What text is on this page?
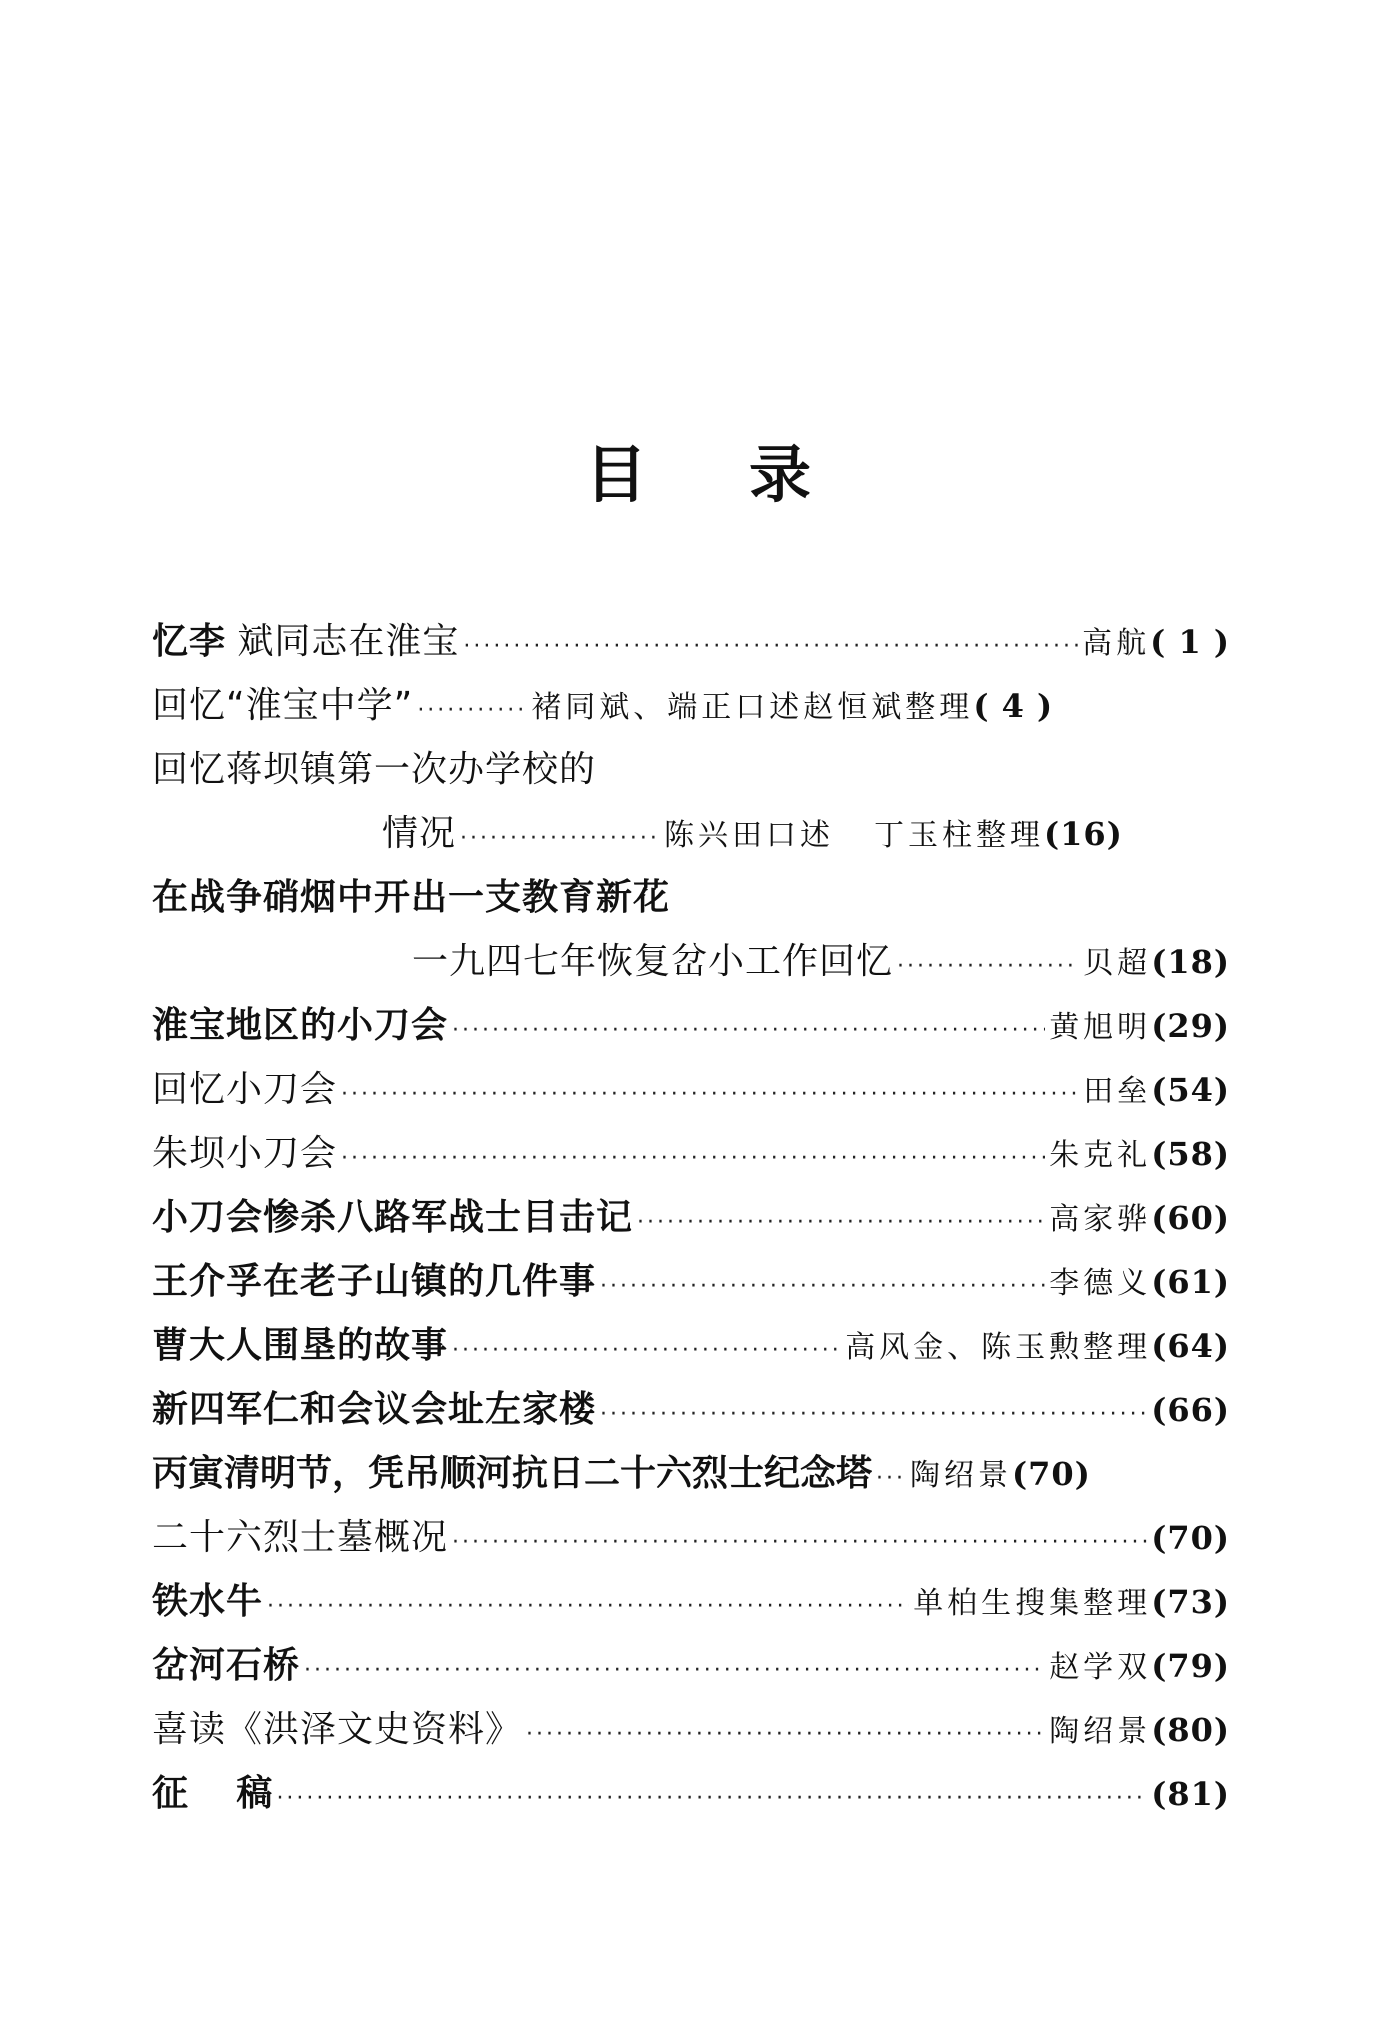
目 录
忆李 斌同志在淮宝 ·····	高航 ( 1 )
回忆“淮宝中学” ·····	褚同斌、端正口述赵恒斌整理 ( 4 )
回忆蒋坝镇第一次办学校的
情况 ·····	陈兴田口述 丁玉柱整理 (16)
在战争硝烟中开出一支教育新花
一九四七年恢复岔小工作回忆 ·····	贝超 (18)
淮宝地区的小刀会 ·····	黄旭明 (29)
回忆小刀会 ·····	田垒 (54)
朱坝小刀会 ·····	朱克礼 (58)
小刀会惨杀八路军战士目击记 ·····	高家骅 (60)
王介孚在老子山镇的几件事 ·····	李德义 (61)
曹大人围垦的故事 ·····	高风金、陈玉勲整理 (64)
新四军仁和会议会址左家楼 ·····	(66)
丙寅清明节，凭吊顺河抗日二十六烈士纪念塔 ····· 陶绍景 (70)
二十六烈士墓概况 ·····	(70)
铁水牛 ·····	单柏生搜集整理 (73)
岔河石桥 ·····	赵学双 (79)
喜读《洪泽文史资料》 ·····	陶绍景 (80)
征 稿 ·····	(81)
